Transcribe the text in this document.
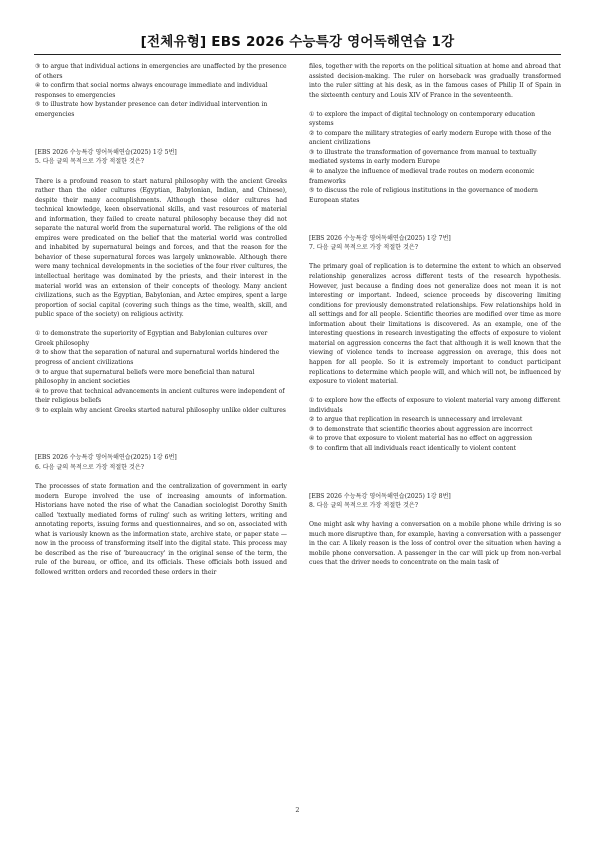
[전체유형] EBS 2026 수능특강 영어독해연습 1강
③ to argue that individual actions in emergencies are unaffected by the presence of others
④ to confirm that social norms always encourage immediate and individual responses to emergencies
⑤ to illustrate how bystander presence can deter individual intervention in emergencies
[EBS 2026 수능특강 영어독해연습(2025) 1강 5번]
5. 다음 글의 목적으로 가장 적절한 것은?
There is a profound reason to start natural philosophy with the ancient Greeks rather than the older cultures (Egyptian, Babylonian, Indian, and Chinese), despite their many accomplishments. Although these older cultures had technical knowledge, keen observational skills, and vast resources of material and information, they failed to create natural philosophy because they did not separate the natural world from the supernatural world. The religions of the old empires were predicated on the belief that the material world was controlled and inhabited by supernatural beings and forces, and that the reason for the behavior of these supernatural forces was largely unknowable. Although there were many technical developments in the societies of the four river cultures, the intellectual heritage was dominated by the priests, and their interest in the material world was an extension of their concepts of theology. Many ancient civilizations, such as the Egyptian, Babylonian, and Aztec empires, spent a large proportion of social capital (covering such things as the time, wealth, skill, and public space of the society) on religious activity.
① to demonstrate the superiority of Egyptian and Babylonian cultures over Greek philosophy
② to show that the separation of natural and supernatural worlds hindered the progress of ancient civilizations
③ to argue that supernatural beliefs were more beneficial than natural philosophy in ancient societies
④ to prove that technical advancements in ancient cultures were independent of their religious beliefs
⑤ to explain why ancient Greeks started natural philosophy unlike older cultures
[EBS 2026 수능특강 영어독해연습(2025) 1강 6번]
6. 다음 글의 목적으로 가장 적절한 것은?
The processes of state formation and the centralization of government in early modern Europe involved the use of increasing amounts of information. Historians have noted the rise of what the Canadian sociologist Dorothy Smith called 'textually mediated forms of ruling' such as writing letters, writing and annotating reports, issuing forms and questionnaires, and so on, associated with what is variously known as the information state, archive state, or paper state — now in the process of transforming itself into the digital state. This process may be described as the rise of 'bureaucracy' in the original sense of the term, the rule of the bureau, or office, and its officials. These officials both issued and followed written orders and recorded these orders in their
files, together with the reports on the political situation at home and abroad that assisted decision-making. The ruler on horseback was gradually transformed into the ruler sitting at his desk, as in the famous cases of Philip II of Spain in the sixteenth century and Louis XIV of France in the seventeenth.
① to explore the impact of digital technology on contemporary education systems
② to compare the military strategies of early modern Europe with those of the ancient civilizations
③ to illustrate the transformation of governance from manual to textually mediated systems in early modern Europe
④ to analyze the influence of medieval trade routes on modern economic frameworks
⑤ to discuss the role of religious institutions in the governance of modern European states
[EBS 2026 수능특강 영어독해연습(2025) 1강 7번]
7. 다음 글의 목적으로 가장 적절한 것은?
The primary goal of replication is to determine the extent to which an observed relationship generalizes across different tests of the research hypothesis. However, just because a finding does not generalize does not mean it is not interesting or important. Indeed, science proceeds by discovering limiting conditions for previously demonstrated relationships. Few relationships hold in all settings and for all people. Scientific theories are modified over time as more information about their limitations is discovered. As an example, one of the interesting questions in research investigating the effects of exposure to violent material on aggression concerns the fact that although it is well known that the viewing of violence tends to increase aggression on average, this does not happen for all people. So it is extremely important to conduct participant replications to determine which people will, and which will not, be influenced by exposure to violent material.
① to explore how the effects of exposure to violent material vary among different individuals
② to argue that replication in research is unnecessary and irrelevant
③ to demonstrate that scientific theories about aggression are incorrect
④ to prove that exposure to violent material has no effect on aggression
⑤ to confirm that all individuals react identically to violent content
[EBS 2026 수능특강 영어독해연습(2025) 1강 8번]
8. 다음 글의 목적으로 가장 적절한 것은?
One might ask why having a conversation on a mobile phone while driving is so much more disruptive than, for example, having a conversation with a passenger in the car. A likely reason is the loss of control over the situation when having a mobile phone conversation. A passenger in the car will pick up from non-verbal cues that the driver needs to concentrate on the main task of
2
